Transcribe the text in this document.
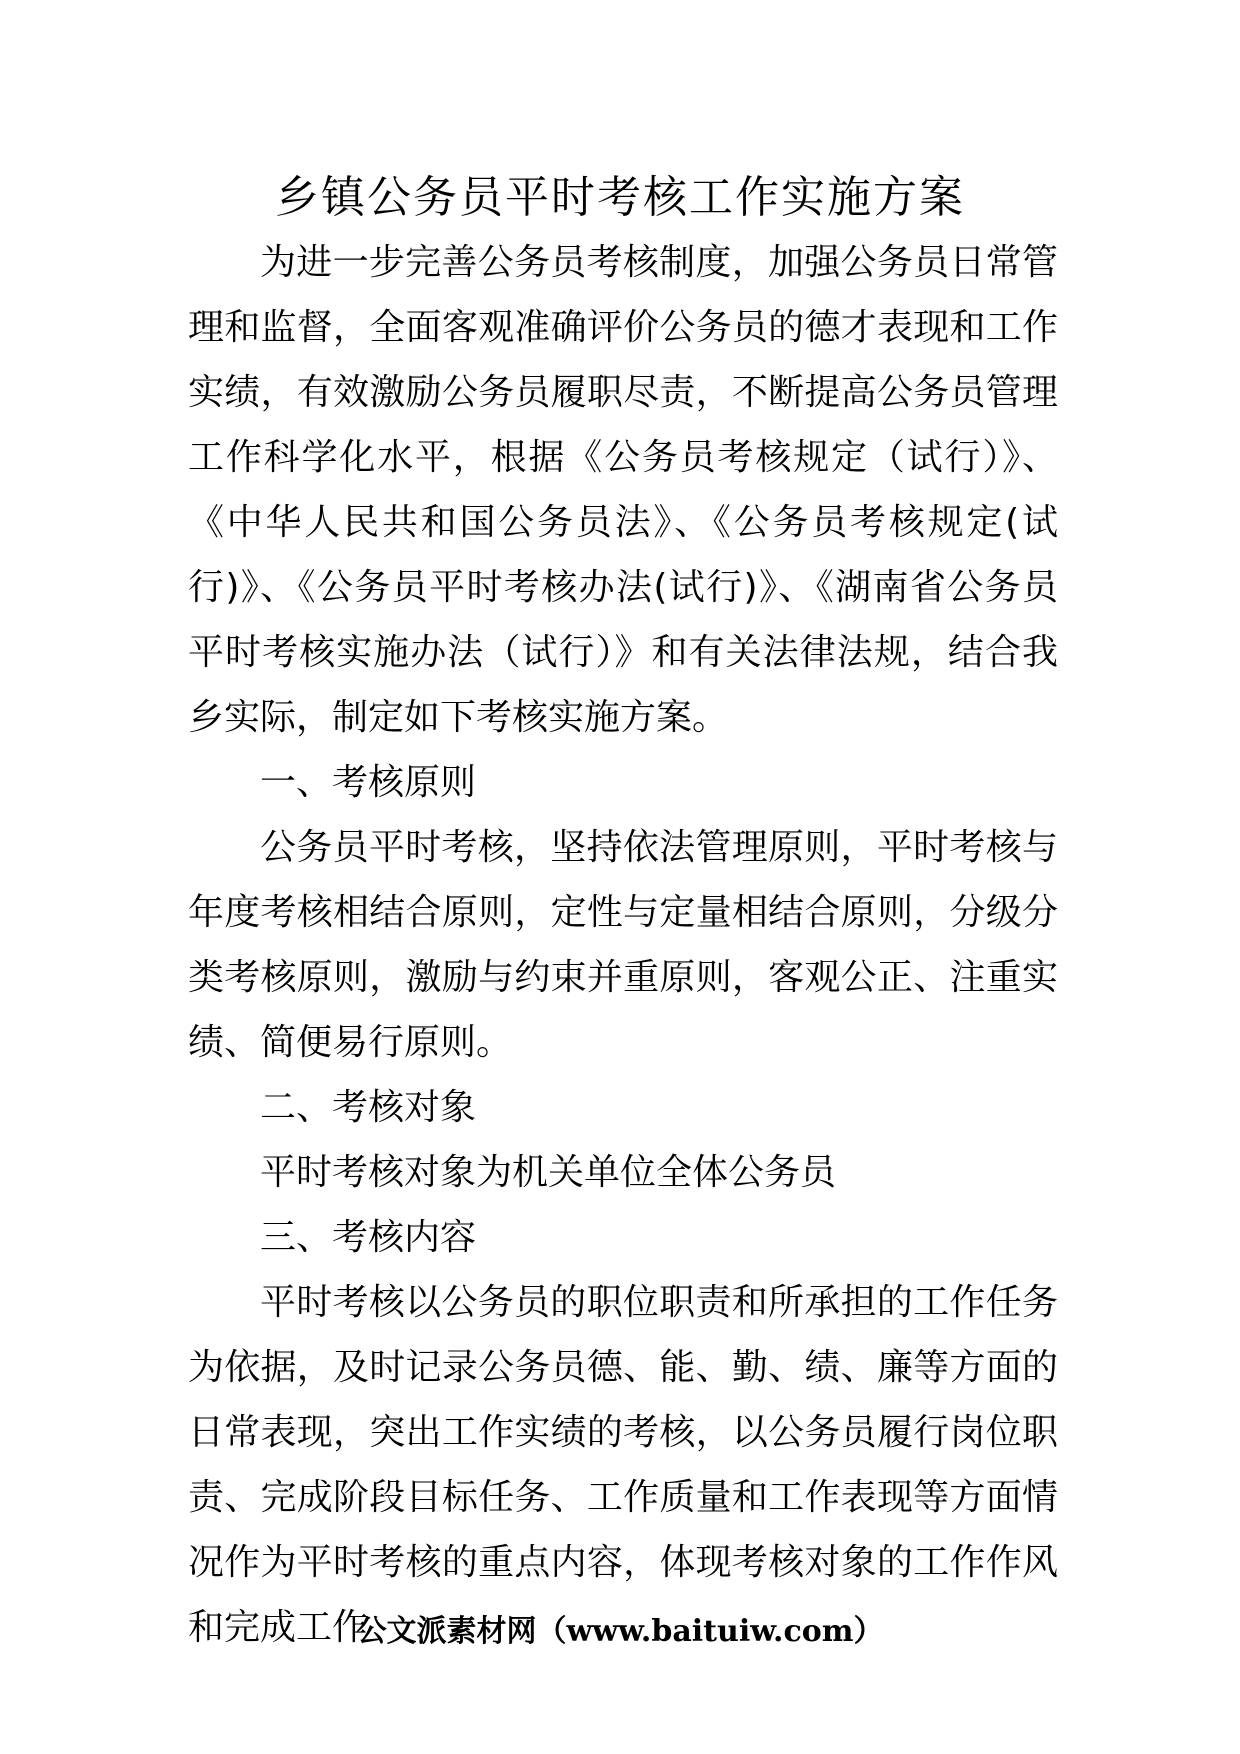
乡镇公务员平时考核工作实施方案

为进一步完善公务员考核制度，加强公务员日常管理和监督，全面客观准确评价公务员的德才表现和工作实绩，有效激励公务员履职尽责，不断提高公务员管理工作科学化水平，根据《公务员考核规定（试行）》、《中华人民共和国公务员法》、《公务员考核规定(试行)》、《公务员平时考核办法(试行)》、《湖南省公务员平时考核实施办法（试行）》和有关法律法规，结合我乡实际，制定如下考核实施方案。

一、考核原则

公务员平时考核，坚持依法管理原则，平时考核与年度考核相结合原则，定性与定量相结合原则，分级分类考核原则，激励与约束并重原则，客观公正、注重实绩、简便易行原则。

二、考核对象

平时考核对象为机关单位全体公务员

三、考核内容

平时考核以公务员的职位职责和所承担的工作任务为依据，及时记录公务员德、能、勤、绩、廉等方面的日常表现，突出工作实绩的考核，以公务员履行岗位职责、完成阶段目标任务、工作质量和工作表现等方面情况作为平时考核的重点内容，体现考核对象的工作作风和完成工作

公文派素材网（www.baituiw.com）
